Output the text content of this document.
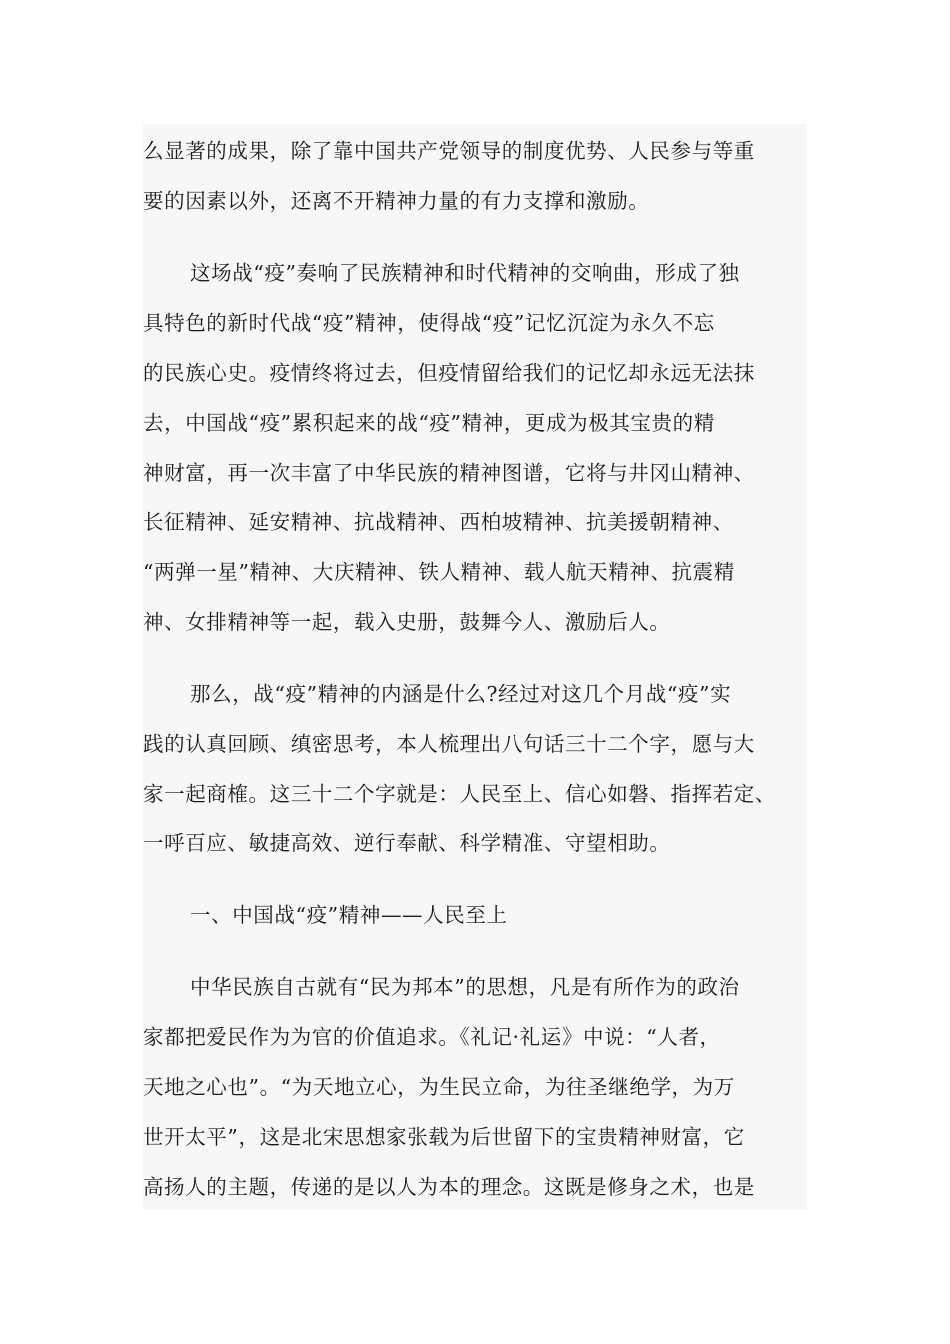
么显著的成果，除了靠中国共产党领导的制度优势、人民参与等重
要的因素以外，还离不开精神力量的有力支撑和激励。
这场战“疫”奏响了民族精神和时代精神的交响曲，形成了独
具特色的新时代战“疫”精神，使得战“疫”记忆沉淀为永久不忘
的民族心史。疫情终将过去，但疫情留给我们的记忆却永远无法抹
去，中国战“疫”累积起来的战“疫”精神，更成为极其宝贵的精
神财富，再一次丰富了中华民族的精神图谱，它将与井冈山精神、
长征精神、延安精神、抗战精神、西柏坡精神、抗美援朝精神、
“两弹一星”精神、大庆精神、铁人精神、载人航天精神、抗震精
神、女排精神等一起，载入史册，鼓舞今人、激励后人。
那么，战“疫”精神的内涵是什么?经过对这几个月战“疫”实
践的认真回顾、缜密思考，本人梳理出八句话三十二个字，愿与大
家一起商榷。这三十二个字就是：人民至上、信心如磐、指挥若定、
一呼百应、敏捷高效、逆行奉献、科学精准、守望相助。
一、中国战“疫”精神——人民至上
中华民族自古就有“民为邦本”的思想，凡是有所作为的政治
家都把爱民作为为官的价值追求。《礼记·礼运》中说：“人者，
天地之心也”。“为天地立心，为生民立命，为往圣继绝学，为万
世开太平”，这是北宋思想家张载为后世留下的宝贵精神财富，它
高扬人的主题，传递的是以人为本的理念。这既是修身之术，也是
